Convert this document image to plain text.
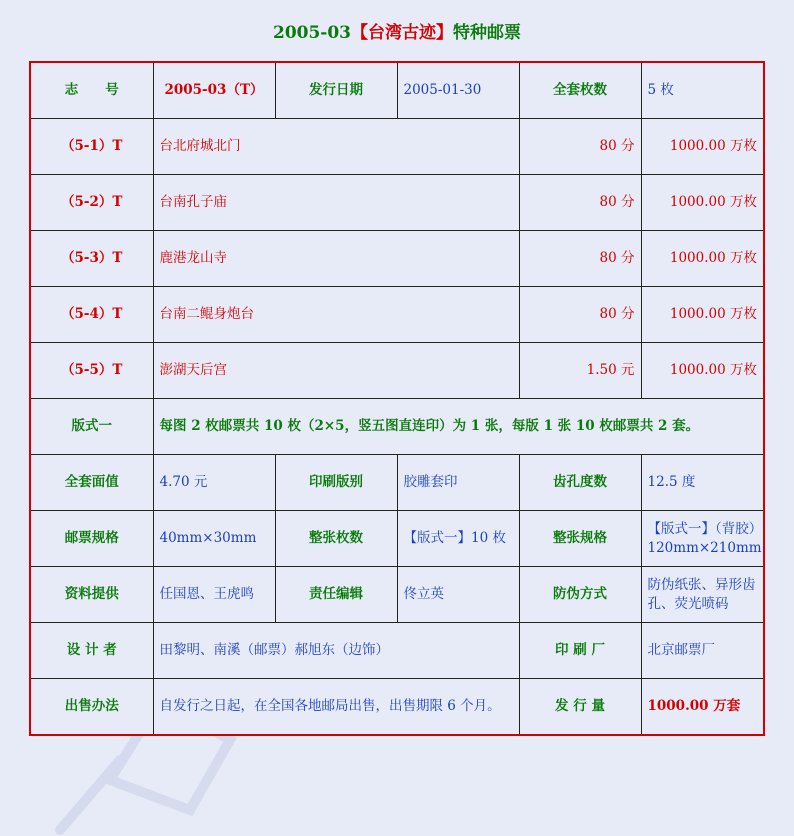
2005-03【台湾古迹】特种邮票
志　　号	2005-03（T）	发行日期	2005-01-30	全套枚数	5 枚
（5-1）T	台北府城北门			80 分	1000.00 万枚
（5-2）T	台南孔子庙			80 分	1000.00 万枚
（5-3）T	鹿港龙山寺			80 分	1000.00 万枚
（5-4）T	台南二鲲身炮台			80 分	1000.00 万枚
（5-5）T	澎湖天后宫			1.50 元	1000.00 万枚
版式一	每图 2 枚邮票共 10 枚（2×5，竖五图直连印）为 1 张，每版 1 张 10 枚邮票共 2 套。				
全套面值	4.70 元	印刷版别	胶雕套印	齿孔度数	12.5 度
邮票规格	40mm×30mm	整张枚数	【版式一】10 枚	整张规格	【版式一】（背胶）
120mm×210mm

资料提供	任国恩、王虎鸣	责任编辑	佟立英	防伪方式	防伪纸张、异形齿
孔、荧光喷码

设 计 者	田黎明、南溪（邮票）郝旭东（边饰）			印 刷 厂	北京邮票厂
出售办法	自发行之日起，在全国各地邮局出售，出售期限 6 个月。			发 行 量	1000.00 万套
